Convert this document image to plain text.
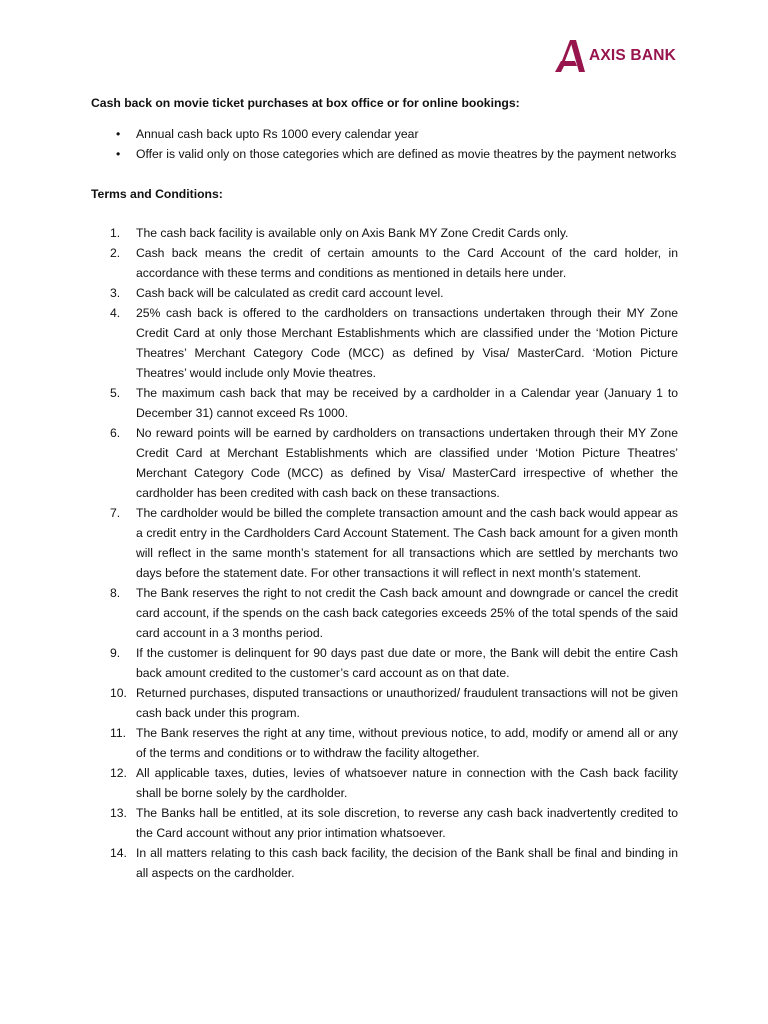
AXIS BANK
Cash back on movie ticket purchases at box office or for online bookings:
• Annual cash back upto Rs 1000 every calendar year
• Offer is valid only on those categories which are defined as movie theatres by the payment networks
Terms and Conditions:
1.	The cash back facility is available only on Axis Bank MY Zone Credit Cards only.
2.	Cash back means the credit of certain amounts to the Card Account of the card holder, in accordance with these terms and conditions as mentioned in details here under.
3.	Cash back will be calculated as credit card account level.
4.	25% cash back is offered to the cardholders on transactions undertaken through their MY Zone Credit Card at only those Merchant Establishments which are classified under the ‘Motion Picture Theatres’ Merchant Category Code (MCC) as defined by Visa/ MasterCard. ‘Motion Picture Theatres’ would include only Movie theatres.
5.	The maximum cash back that may be received by a cardholder in a Calendar year (January 1 to December 31) cannot exceed Rs 1000.
6.	No reward points will be earned by cardholders on transactions undertaken through their MY Zone Credit Card at Merchant Establishments which are classified under ‘Motion Picture Theatres’ Merchant Category Code (MCC) as defined by Visa/ MasterCard irrespective of whether the cardholder has been credited with cash back on these transactions.
7.	The cardholder would be billed the complete transaction amount and the cash back would appear as a credit entry in the Cardholders Card Account Statement. The Cash back amount for a given month will reflect in the same month’s statement for all transactions which are settled by merchants two days before the statement date. For other transactions it will reflect in next month’s statement.
8.	The Bank reserves the right to not credit the Cash back amount and downgrade or cancel the credit card account, if the spends on the cash back categories exceeds 25% of the total spends of the said card account in a 3 months period.
9.	If the customer is delinquent for 90 days past due date or more, the Bank will debit the entire Cash back amount credited to the customer’s card account as on that date.
10. Returned purchases, disputed transactions or unauthorized/ fraudulent transactions will not be given cash back under this program.
11. The Bank reserves the right at any time, without previous notice, to add, modify or amend all or any of the terms and conditions or to withdraw the facility altogether.
12. All applicable taxes, duties, levies of whatsoever nature in connection with the Cash back facility shall be borne solely by the cardholder.
13. The Banks hall be entitled, at its sole discretion, to reverse any cash back inadvertently credited to the Card account without any prior intimation whatsoever.
14. In all matters relating to this cash back facility, the decision of the Bank shall be final and binding in all aspects on the cardholder.
